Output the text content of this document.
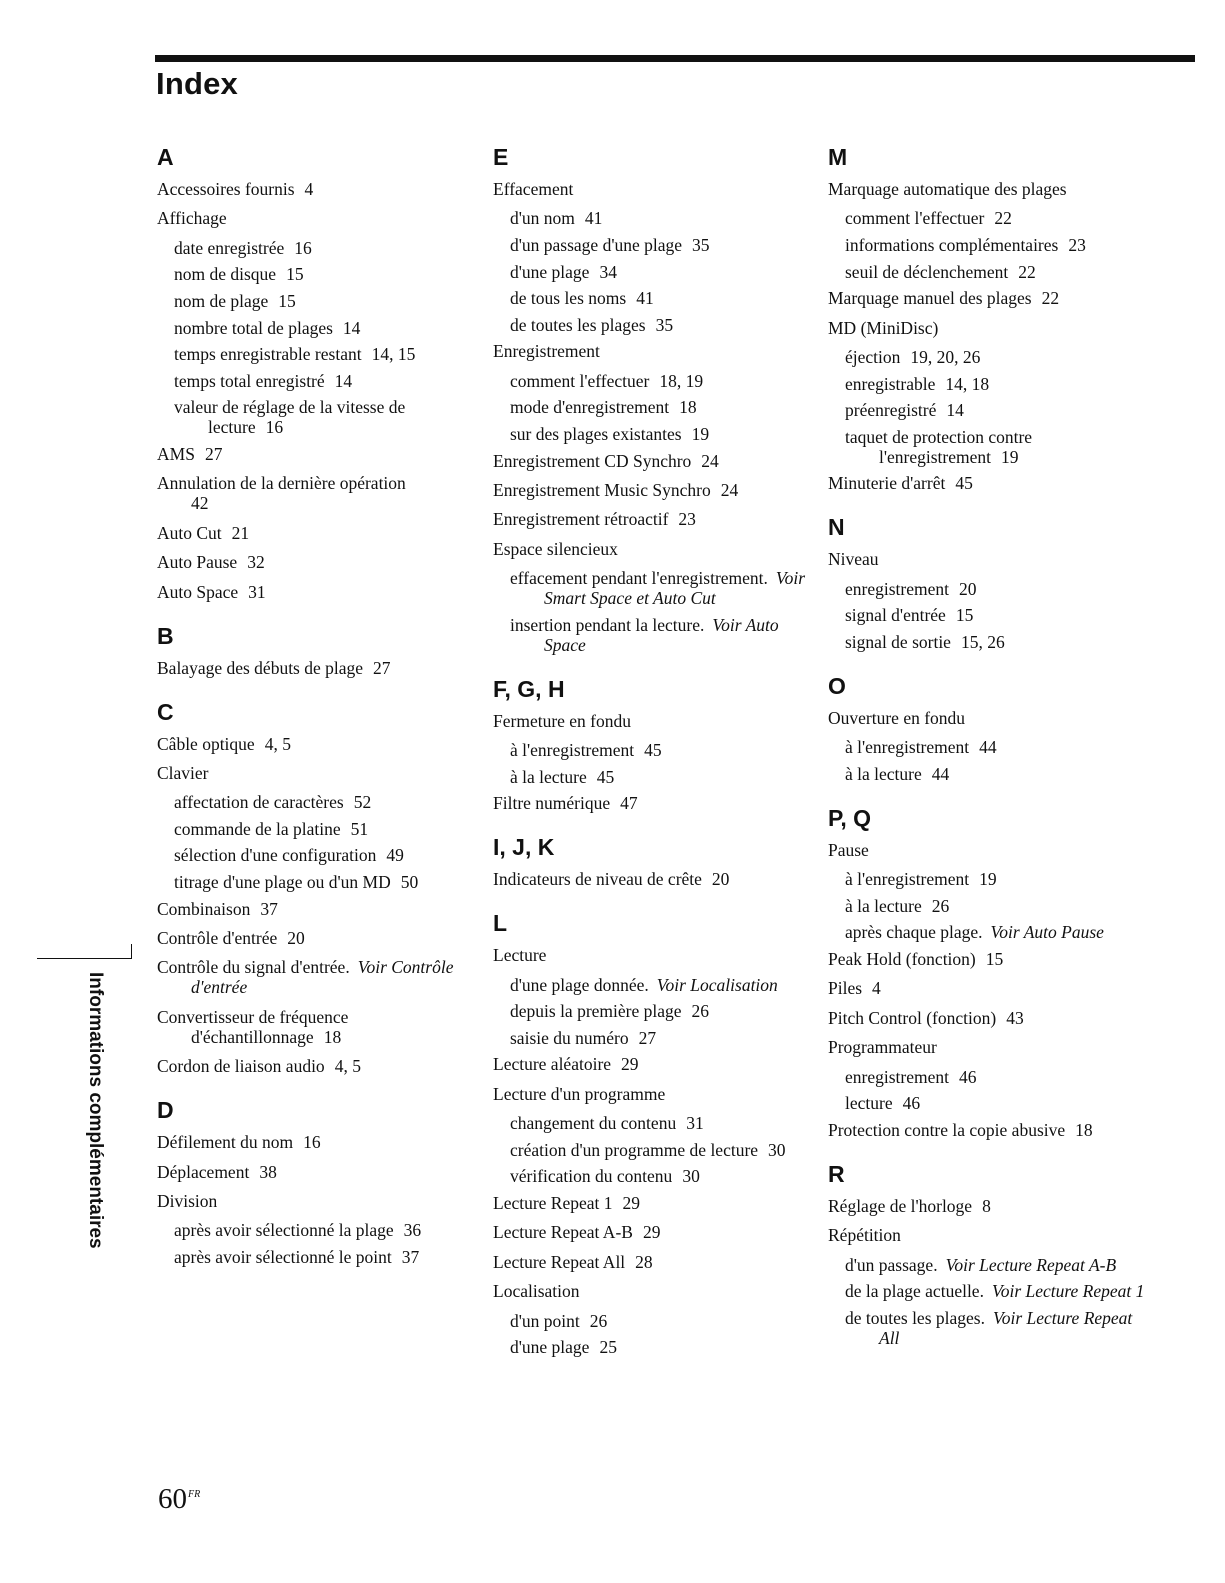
Index
A
Accessoires fournis 4
Affichage
date enregistrée 16
nom de disque 15
nom de plage 15
nombre total de plages 14
temps enregistrable restant 14, 15
temps total enregistré 14
valeur de réglage de la vitesse de lecture 16
AMS 27
Annulation de la dernière opération
42
Auto Cut 21
Auto Pause 32
Auto Space 31
B
Balayage des débuts de plage 27
C
Câble optique 4, 5
Clavier
affectation de caractères 52
commande de la platine 51
sélection d'une configuration 49
titrage d'une plage ou d'un MD 50
Combinaison 37
Contrôle d'entrée 20
Contrôle du signal d'entrée. Voir Contrôle d'entrée
Convertisseur de fréquence d'échantillonnage 18
Cordon de liaison audio 4, 5
D
Défilement du nom 16
Déplacement 38
Division
après avoir sélectionné la plage 36
après avoir sélectionné le point 37
E
Effacement
d'un nom 41
d'un passage d'une plage 35
d'une plage 34
de tous les noms 41
de toutes les plages 35
Enregistrement
comment l'effectuer 18, 19
mode d'enregistrement 18
sur des plages existantes 19
Enregistrement CD Synchro 24
Enregistrement Music Synchro 24
Enregistrement rétroactif 23
Espace silencieux
effacement pendant l'enregistrement. Voir Smart Space et Auto Cut
insertion pendant la lecture. Voir Auto Space
F, G, H
Fermeture en fondu
à l'enregistrement 45
à la lecture 45
Filtre numérique 47
I, J, K
Indicateurs de niveau de crête 20
L
Lecture
d'une plage donnée. Voir Localisation
depuis la première plage 26
saisie du numéro 27
Lecture aléatoire 29
Lecture d'un programme
changement du contenu 31
création d'un programme de lecture 30
vérification du contenu 30
Lecture Repeat 1 29
Lecture Repeat A-B 29
Lecture Repeat All 28
Localisation
d'un point 26
d'une plage 25
M
Marquage automatique des plages
comment l'effectuer 22
informations complémentaires 23
seuil de déclenchement 22
Marquage manuel des plages 22
MD (MiniDisc)
éjection 19, 20, 26
enregistrable 14, 18
préenregistré 14
taquet de protection contre l'enregistrement 19
Minuterie d'arrêt 45
N
Niveau
enregistrement 20
signal d'entrée 15
signal de sortie 15, 26
O
Ouverture en fondu
à l'enregistrement 44
à la lecture 44
P, Q
Pause
à l'enregistrement 19
à la lecture 26
après chaque plage. Voir Auto Pause
Peak Hold (fonction) 15
Piles 4
Pitch Control (fonction) 43
Programmateur
enregistrement 46
lecture 46
Protection contre la copie abusive 18
R
Réglage de l'horloge 8
Répétition
d'un passage. Voir Lecture Repeat A-B
de la plage actuelle. Voir Lecture Repeat 1
de toutes les plages. Voir Lecture Repeat All
Informations complémentaires
$60^{FR}$
